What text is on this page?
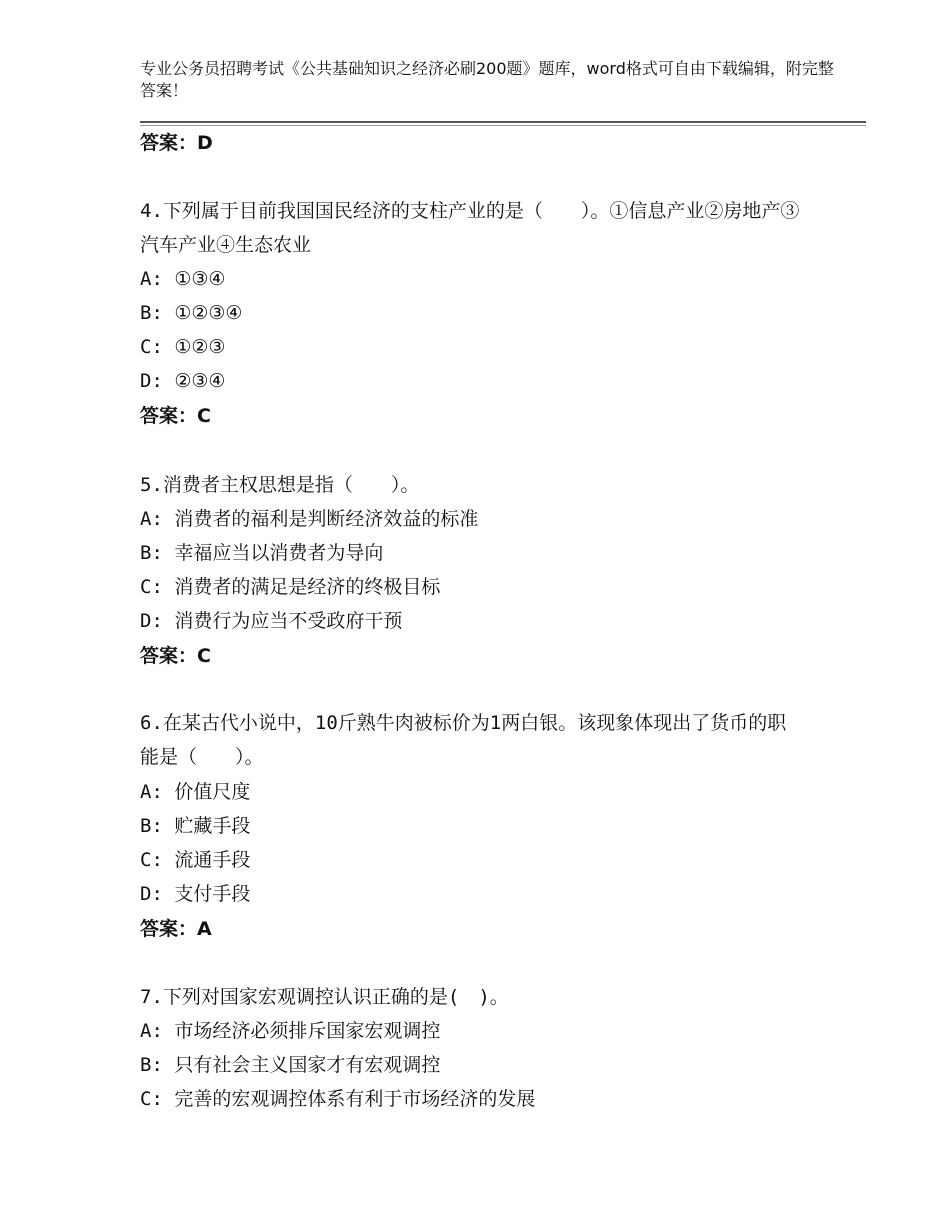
专业公务员招聘考试《公共基础知识之经济必刷200题》题库，word格式可自由下载编辑，附完整答案！
答案：D
4.下列属于目前我国国民经济的支柱产业的是（　　）。①信息产业②房地产③汽车产业④生态农业
A: ①③④
B: ①②③④
C: ①②③
D: ②③④
答案：C
5.消费者主权思想是指（　　）。
A: 消费者的福利是判断经济效益的标准
B: 幸福应当以消费者为导向
C: 消费者的满足是经济的终极目标
D: 消费行为应当不受政府干预
答案：C
6.在某古代小说中，10斤熟牛肉被标价为1两白银。该现象体现出了货币的职能是（　　）。
A: 价值尺度
B: 贮藏手段
C: 流通手段
D: 支付手段
答案：A
7.下列对国家宏观调控认识正确的是(　)。
A: 市场经济必须排斥国家宏观调控
B: 只有社会主义国家才有宏观调控
C: 完善的宏观调控体系有利于市场经济的发展
